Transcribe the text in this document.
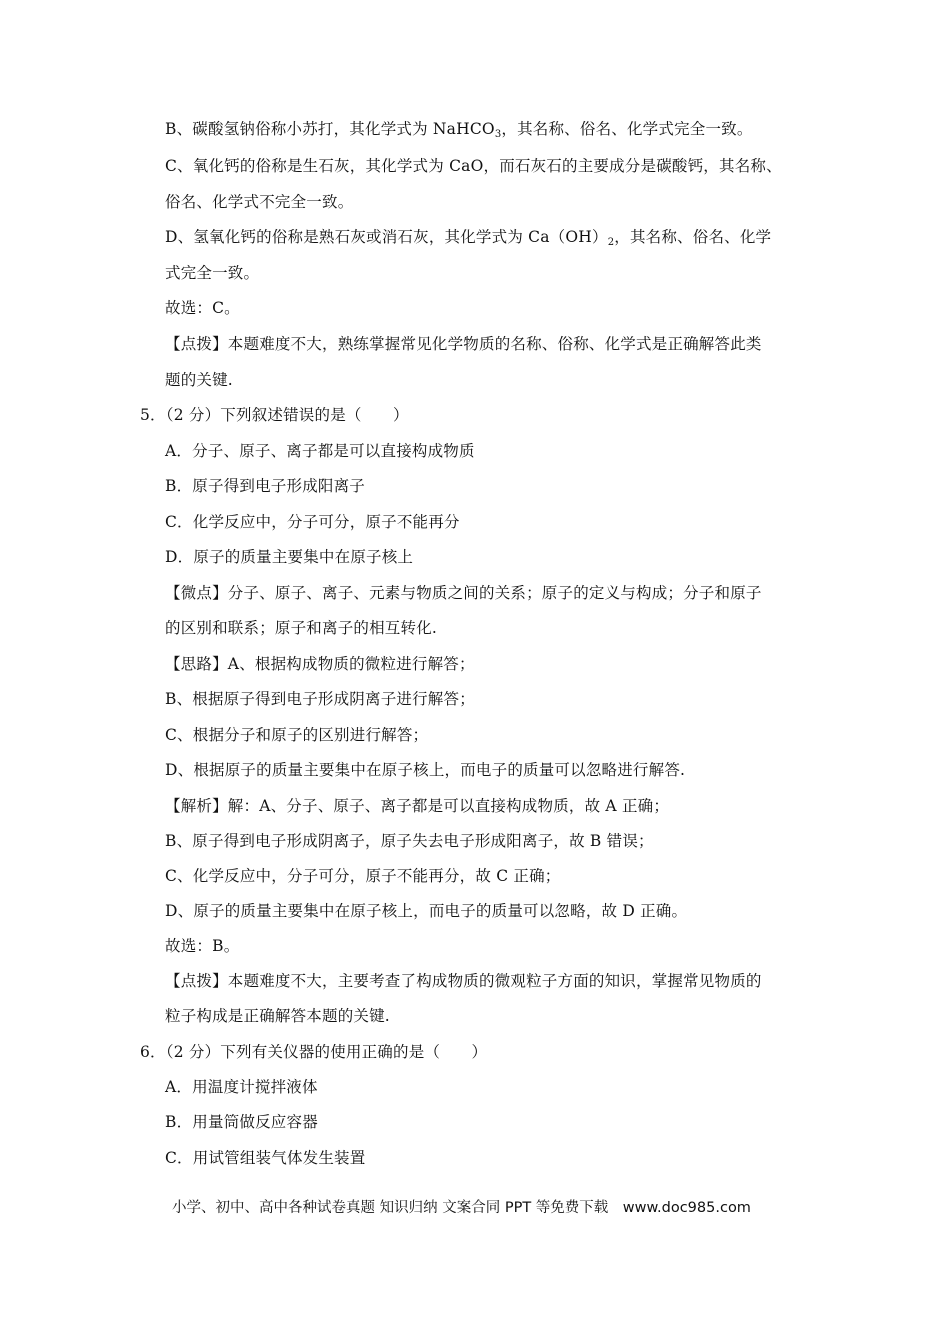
B、碳酸氢钠俗称小苏打，其化学式为 NaHCO$_3$，其名称、俗名、化学式完全一致。
C、氧化钙的俗称是生石灰，其化学式为 CaO，而石灰石的主要成分是碳酸钙，其名称、
俗名、化学式不完全一致。
D、氢氧化钙的俗称是熟石灰或消石灰，其化学式为 $Ca(OH)_2$，其名称、俗名、化学
式完全一致。
故选：C。
【点拨】本题难度不大，熟练掌握常见化学物质的名称、俗称、化学式是正确解答此类
题的关键.
5．（2 分）下列叙述错误的是（　　）
A．分子、原子、离子都是可以直接构成物质
B．原子得到电子形成阳离子
C．化学反应中，分子可分，原子不能再分
D．原子的质量主要集中在原子核上
【微点】分子、原子、离子、元素与物质之间的关系；原子的定义与构成；分子和原子
的区别和联系；原子和离子的相互转化.
【思路】A、根据构成物质的微粒进行解答；
B、根据原子得到电子形成阴离子进行解答；
C、根据分子和原子的区别进行解答；
D、根据原子的质量主要集中在原子核上，而电子的质量可以忽略进行解答.
【解析】解：A、分子、原子、离子都是可以直接构成物质，故 A 正确；
B、原子得到电子形成阴离子，原子失去电子形成阳离子，故 B 错误；
C、化学反应中，分子可分，原子不能再分，故 C 正确；
D、原子的质量主要集中在原子核上，而电子的质量可以忽略，故 D 正确。
故选：B。
【点拨】本题难度不大，主要考查了构成物质的微观粒子方面的知识，掌握常见物质的
粒子构成是正确解答本题的关键.
6．（2 分）下列有关仪器的使用正确的是（　　）
A．用温度计搅拌液体
B．用量筒做反应容器
C．用试管组装气体发生装置
小学、初中、高中各种试卷真题 知识归纳 文案合同 PPT 等免费下载　www.doc985.com
